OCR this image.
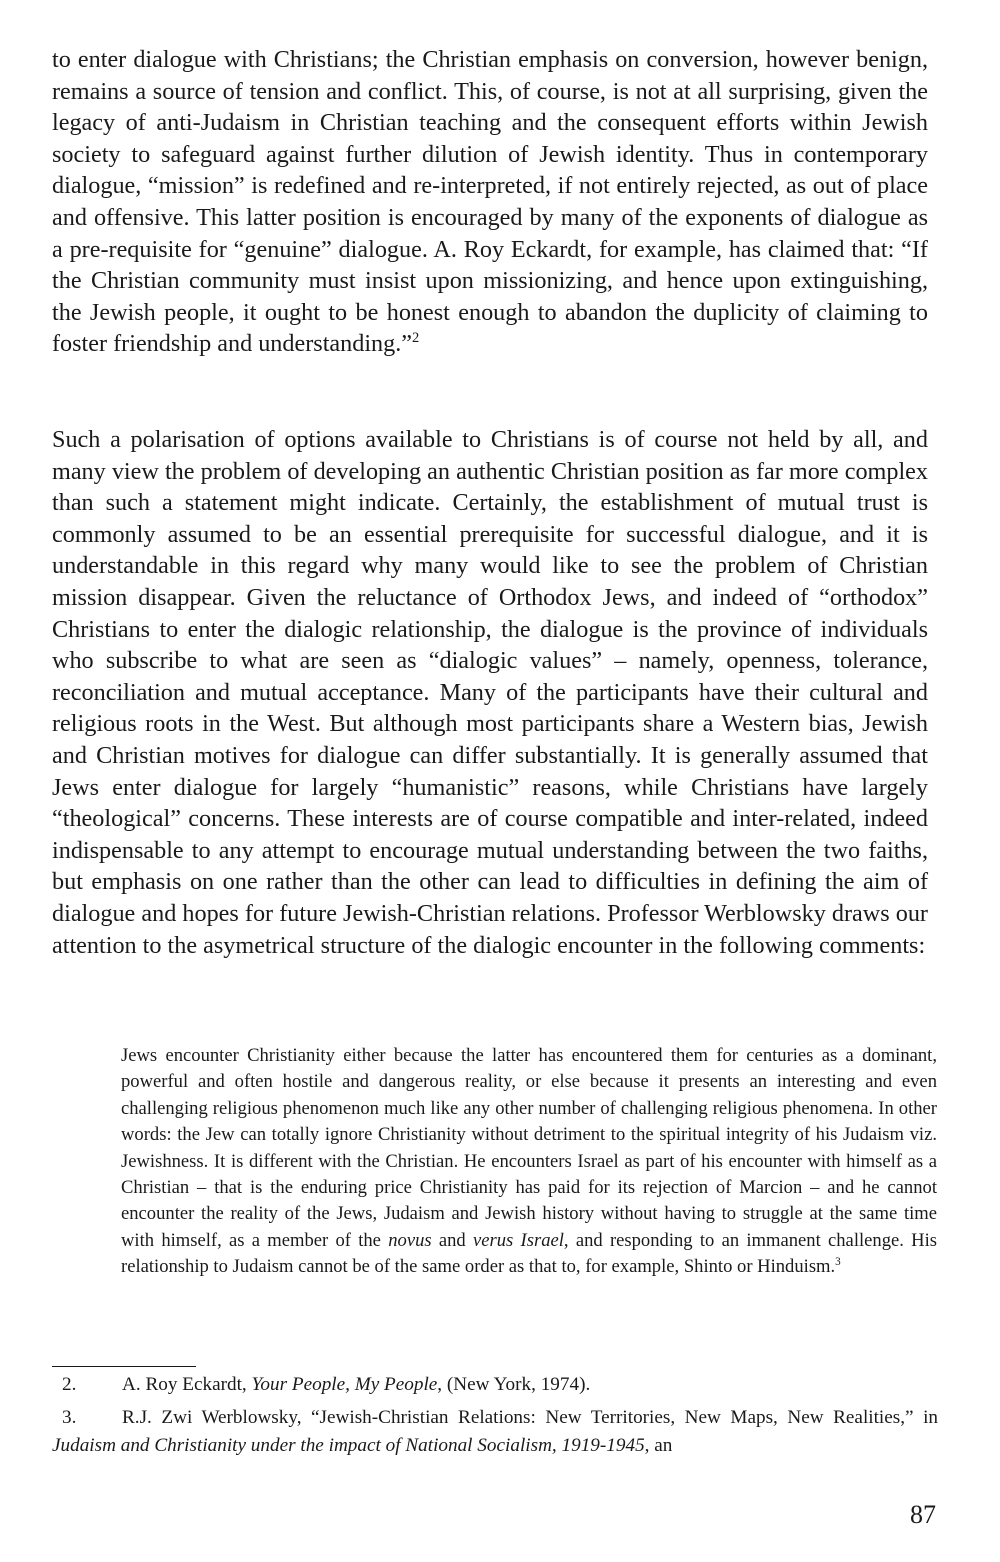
to enter dialogue with Christians; the Christian emphasis on conversion, however benign, remains a source of tension and conflict. This, of course, is not at all surprising, given the legacy of anti-Judaism in Christian teaching and the consequent efforts within Jewish society to safeguard against further dilution of Jewish identity. Thus in contemporary dialogue, “mission” is redefined and re-interpreted, if not entirely rejected, as out of place and offensive. This latter position is encouraged by many of the exponents of dialogue as a pre-requisite for “genuine” dialogue. A. Roy Eckardt, for example, has claimed that: “If the Christian community must insist upon missionizing, and hence upon extinguishing, the Jewish people, it ought to be honest enough to abandon the duplicity of claiming to foster friendship and understanding.”$^2$

Such a polarisation of options available to Christians is of course not held by all, and many view the problem of developing an authentic Christian position as far more complex than such a statement might indicate. Certainly, the establishment of mutual trust is commonly assumed to be an essential prerequisite for successful dialogue, and it is understandable in this regard why many would like to see the problem of Christian mission disappear. Given the reluctance of Orthodox Jews, and indeed of “orthodox” Christians to enter the dialogic relationship, the dialogue is the province of individuals who subscribe to what are seen as “dialogic values” – namely, openness, tolerance, reconciliation and mutual acceptance. Many of the participants have their cultural and religious roots in the West. But although most participants share a Western bias, Jewish and Christian motives for dialogue can differ substantially. It is generally assumed that Jews enter dialogue for largely “humanistic” reasons, while Christians have largely “theological” concerns. These interests are of course compatible and inter-related, indeed indispensable to any attempt to encourage mutual understanding between the two faiths, but emphasis on one rather than the other can lead to difficulties in defining the aim of dialogue and hopes for future Jewish-Christian relations. Professor Werblowsky draws our attention to the asymetrical structure of the dialogic encounter in the following comments:

Jews encounter Christianity either because the latter has encountered them for centuries as a dominant, powerful and often hostile and dangerous reality, or else because it presents an interesting and even challenging religious phenomenon much like any other number of challenging religious phenomena. In other words: the Jew can totally ignore Christianity without detriment to the spiritual integrity of his Judaism viz. Jewishness. It is different with the Christian. He encounters Israel as part of his encounter with himself as a Christian – that is the enduring price Christianity has paid for its rejection of Marcion – and he cannot encounter the reality of the Jews, Judaism and Jewish history without having to struggle at the same time with himself, as a member of the novus and verus Israel, and responding to an immanent challenge. His relationship to Judaism cannot be of the same order as that to, for example, Shinto or Hinduism.$^3$

2. A. Roy Eckardt, Your People, My People, (New York, 1974).

3. R.J. Zwi Werblowsky, “Jewish-Christian Relations: New Territories, New Maps, New Realities,” in Judaism and Christianity under the impact of National Socialism, 1919-1945, an

87
